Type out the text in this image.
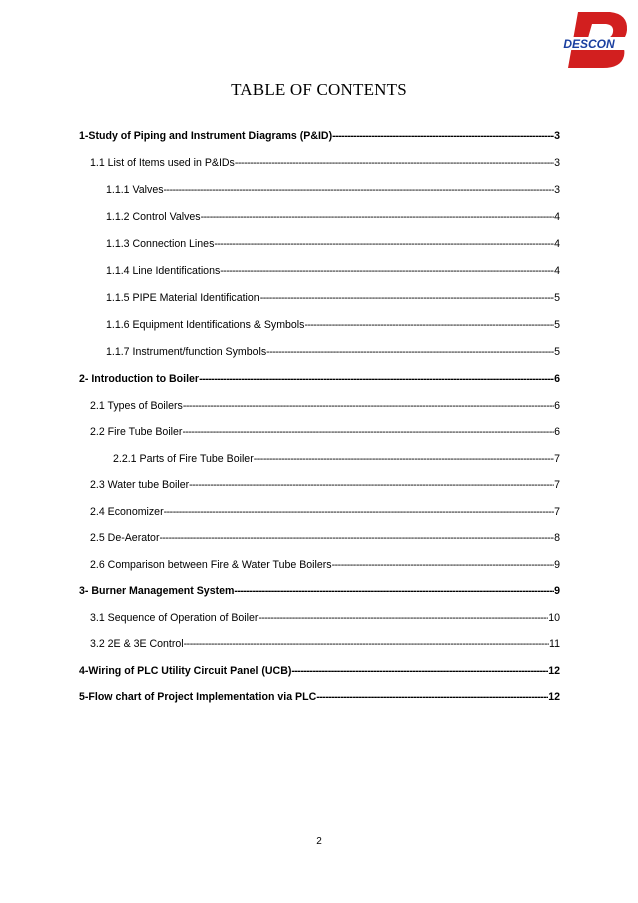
DESCON
TABLE OF CONTENTS
1-Study of Piping and Instrument Diagrams (P&ID) -----	3
1.1 List of Items used in P&IDs -----	3
1.1.1 Valves -----	3
1.1.2 Control Valves -----	4
1.1.3 Connection Lines -----	4
1.1.4 Line Identifications -----	4
1.1.5 PIPE Material Identification -----	5
1.1.6 Equipment Identifications & Symbols -----	5
1.1.7 Instrument/function Symbols -----	5
2- Introduction to Boiler -----	6
2.1 Types of Boilers -----	6
2.2 Fire Tube Boiler -----	6
2.2.1 Parts of Fire Tube Boiler -----	7
2.3 Water tube Boiler -----	7
2.4 Economizer -----	7
2.5 De-Aerator -----	8
2.6 Comparison between Fire & Water Tube Boilers -----	9
3- Burner Management System -----	9
3.1 Sequence of Operation of Boiler -----	10
3.2 2E & 3E Control -----	11
4-Wiring of PLC Utility Circuit Panel (UCB) -----	12
5-Flow chart of Project Implementation via PLC -----	12
2
